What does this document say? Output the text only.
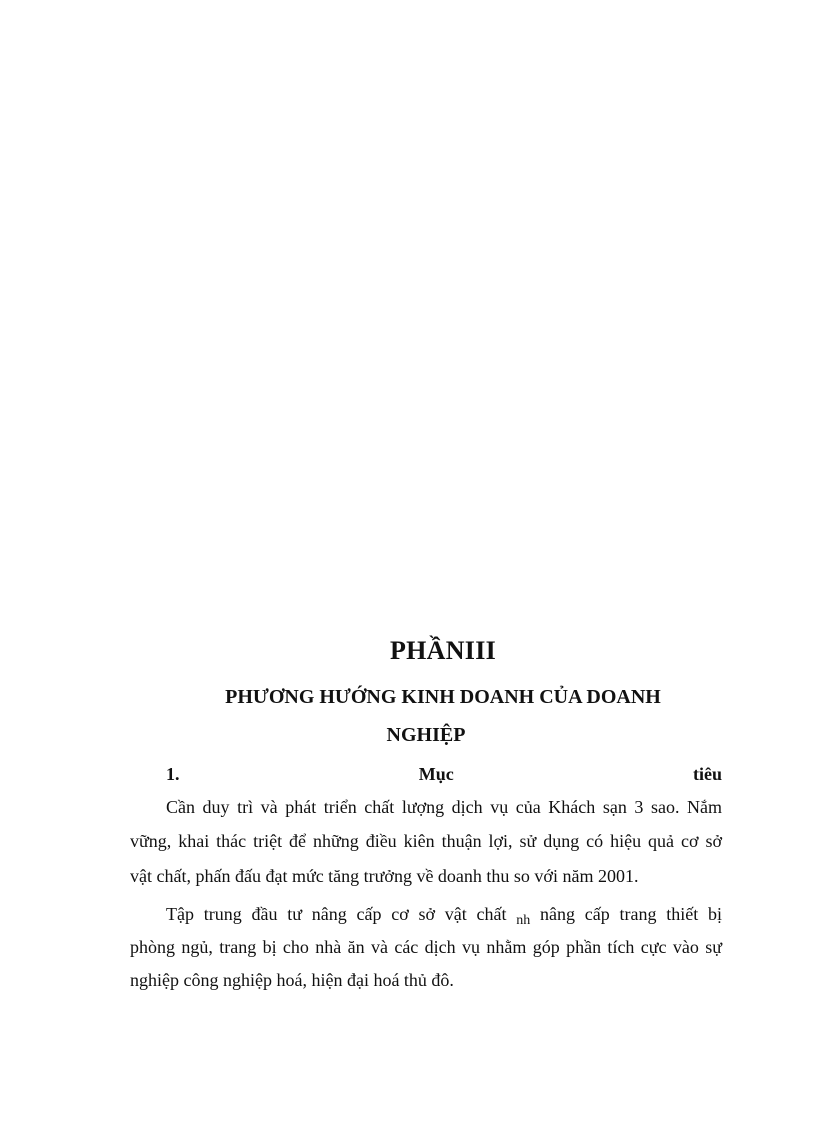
PHẦNIII
PHƯƠNG HƯỚNG KINH DOANH CỦA DOANH
NGHIỆP
1.	Mục	tiêu
Cần duy trì và phát triển chất lượng dịch vụ của Khách sạn 3 sao. Nắm
vững, khai thác triệt để những điều kiên thuận lợi, sử dụng có hiệu quả cơ sở
vật chất, phấn đấu đạt mức tăng trưởng về doanh thu so với năm 2001.
Tập trung đầu tư nâng cấp cơ sở vật chất $_{nh}$ nâng cấp trang thiết bị
phòng ngủ, trang bị cho nhà ăn và các dịch vụ nhằm góp phần tích cực vào sự
nghiệp công nghiệp hoá, hiện đại hoá thủ đô.
